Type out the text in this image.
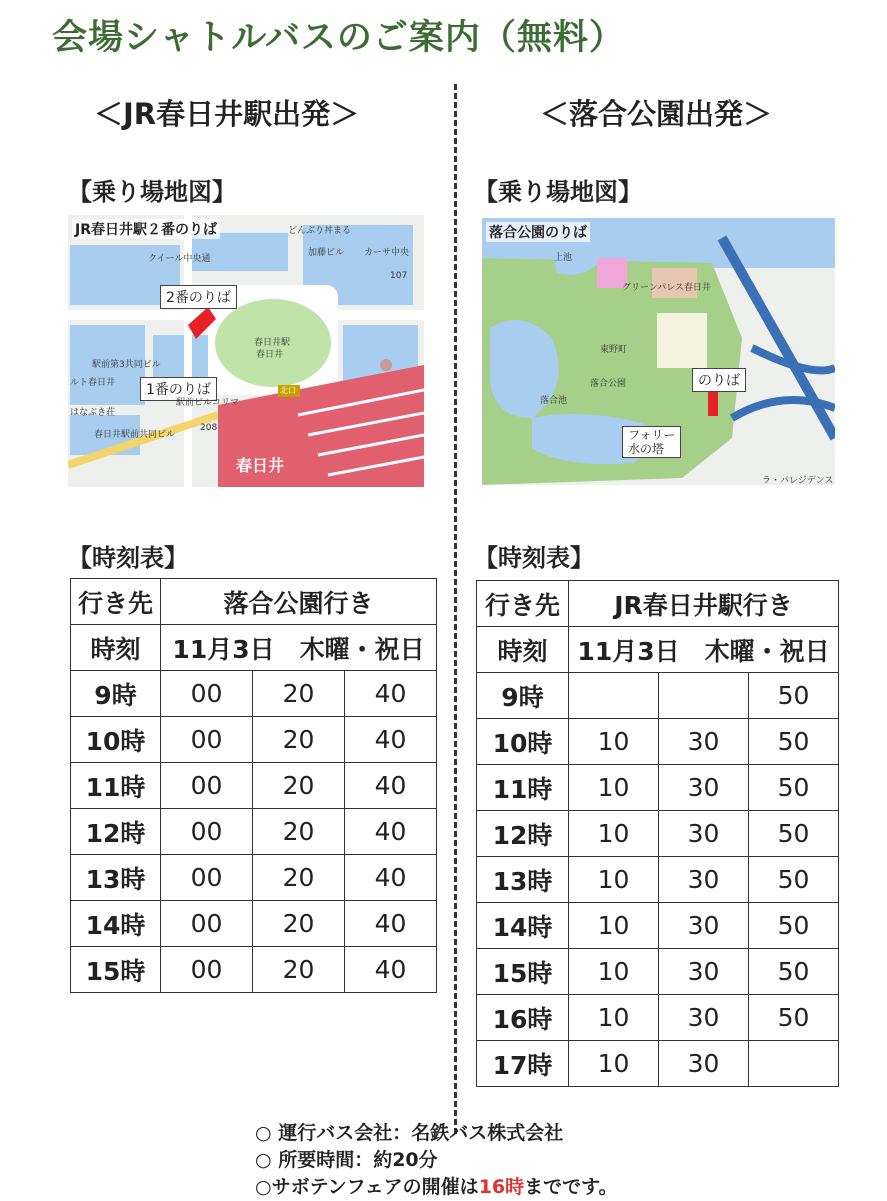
会場シャトルバスのご案内（無料）
＜JR春日井駅出発＞	＜落合公園出発＞
【乗り場地図】
JR春日井駅２番のりば
2番のりば
1番のりば
春日井
北口
春日井駅
クイール中央通
どんぶり丼まる
加藤ビル カーサ中央
107
駅前第3共同ビル
春日井
ルト春日井
はなぶき荘
春日井駅前共同ビル
駅前ビルコリマ
208
【乗り場地図】
落合公園のりば
のりば
フォリー
水の塔
上池
東野町
落合公園
落合池
グリーンパレス春日井
ラ・パレジデンス
【時刻表】
行き先	落合公園行き		
時刻	11月3日　木曜・祝日		
9時	00	20	40
10時	00	20	40
11時	00	20	40
12時	00	20	40
13時	00	20	40
14時	00	20	40
15時	00	20	40
【時刻表】
行き先	JR春日井駅行き		
時刻	11月3日　木曜・祝日		
9時			50
10時	10	30	50
11時	10	30	50
12時	10	30	50
13時	10	30	50
14時	10	30	50
15時	10	30	50
16時	10	30	50
17時	10	30	
○ 運行バス会社：名鉄バス株式会社
○ 所要時間：約20分
○サボテンフェアの開催は16時までです。
